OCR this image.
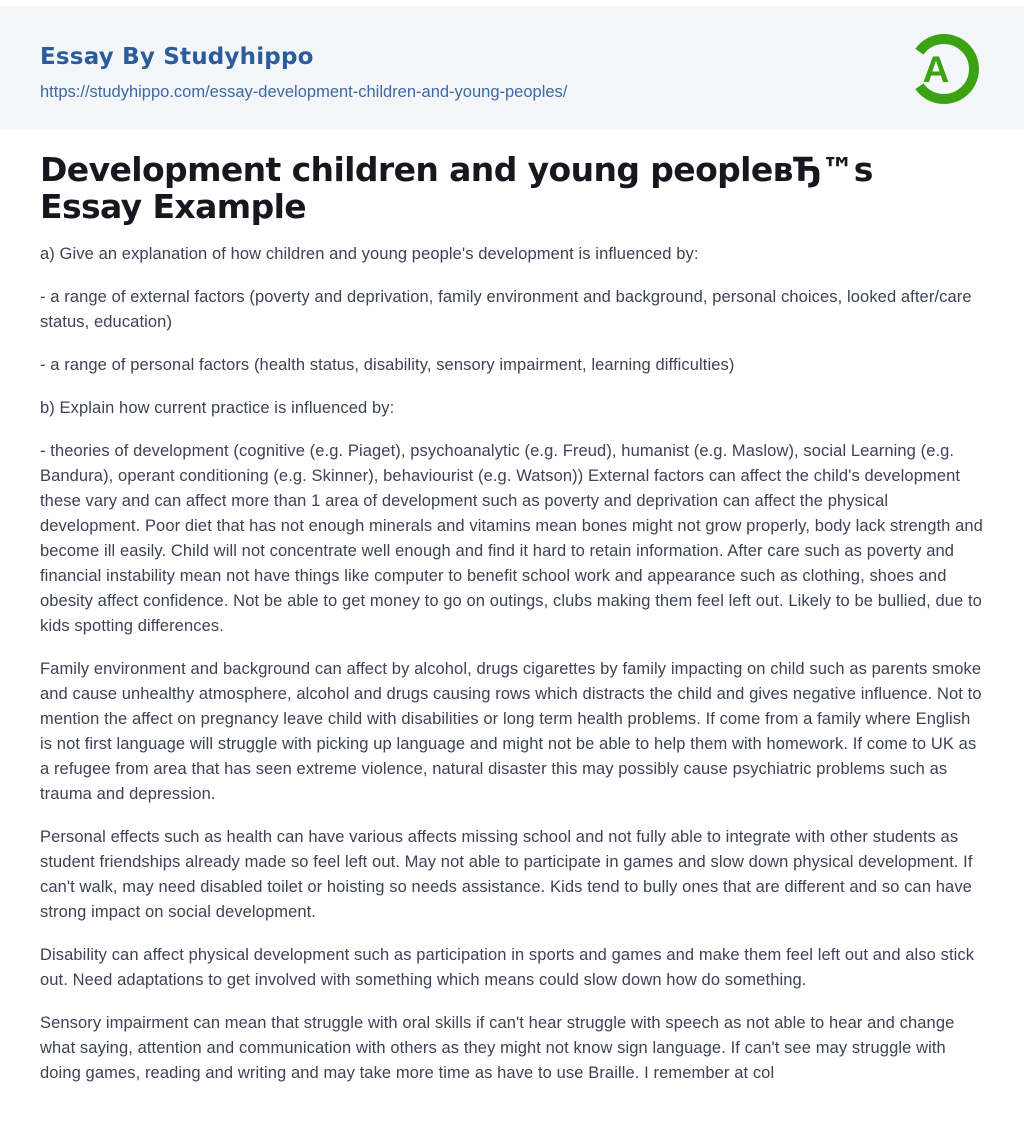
Essay By Studyhippo
https://studyhippo.com/essay-development-children-and-young-peoples/
A
Development children and young peopleвЂ™s Essay Example

a) Give an explanation of how children and young people's development is influenced by:

- a range of external factors (poverty and deprivation, family environment and background, personal choices, looked after/care status, education)

- a range of personal factors (health status, disability, sensory impairment, learning difficulties)

b) Explain how current practice is influenced by:

- theories of development (cognitive (e.g. Piaget), psychoanalytic (e.g. Freud), humanist (e.g. Maslow), social Learning (e.g. Bandura), operant conditioning (e.g. Skinner), behaviourist (e.g. Watson)) External factors can affect the child's development these vary and can affect more than 1 area of development such as poverty and deprivation can affect the physical development. Poor diet that has not enough minerals and vitamins mean bones might not grow properly, body lack strength and become ill easily. Child will not concentrate well enough and find it hard to retain information. After care such as poverty and financial instability mean not have things like computer to benefit school work and appearance such as clothing, shoes and obesity affect confidence. Not be able to get money to go on outings, clubs making them feel left out. Likely to be bullied, due to kids spotting differences.

Family environment and background can affect by alcohol, drugs cigarettes by family impacting on child such as parents smoke and cause unhealthy atmosphere, alcohol and drugs causing rows which distracts the child and gives negative influence. Not to mention the affect on pregnancy leave child with disabilities or long term health problems. If come from a family where English is not first language will struggle with picking up language and might not be able to help them with homework. If come to UK as a refugee from area that has seen extreme violence, natural disaster this may possibly cause psychiatric problems such as trauma and depression.

Personal effects such as health can have various affects missing school and not fully able to integrate with other students as student friendships already made so feel left out. May not able to participate in games and slow down physical development. If can't walk, may need disabled toilet or hoisting so needs assistance. Kids tend to bully ones that are different and so can have strong impact on social development.

Disability can affect physical development such as participation in sports and games and make them feel left out and also stick out. Need adaptations to get involved with something which means could slow down how do something.

Sensory impairment can mean that struggle with oral skills if can't hear struggle with speech as not able to hear and change what saying, attention and communication with others as they might not know sign language. If can't see may struggle with doing games, reading and writing and may take more time as have to use Braille. I remember at col
